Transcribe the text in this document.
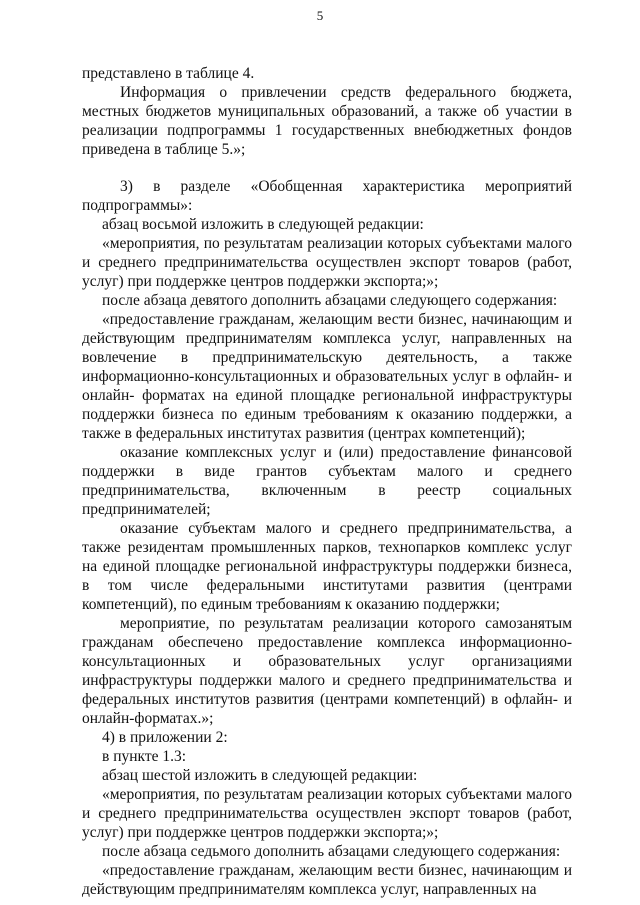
5

представлено в таблице 4.

Информация о привлечении средств федерального бюджета, местных бюджетов муниципальных образований, а также об участии в реализации подпрограммы 1 государственных внебюджетных фондов приведена в таблице 5.»;

3) в разделе «Обобщенная характеристика мероприятий подпрограммы»:

абзац восьмой изложить в следующей редакции:

«мероприятия, по результатам реализации которых субъектами малого и среднего предпринимательства осуществлен экспорт товаров (работ, услуг) при поддержке центров поддержки экспорта;»;

после абзаца девятого дополнить абзацами следующего содержания:

«предоставление гражданам, желающим вести бизнес, начинающим и действующим предпринимателям комплекса услуг, направленных на вовлечение в предпринимательскую деятельность, а также информационно-консультационных и образовательных услуг в офлайн- и онлайн- форматах на единой площадке региональной инфраструктуры поддержки бизнеса по единым требованиям к оказанию поддержки, а также в федеральных институтах развития (центрах компетенций);

оказание комплексных услуг и (или) предоставление финансовой поддержки в виде грантов субъектам малого и среднего предпринимательства, включенным в реестр социальных предпринимателей;

оказание субъектам малого и среднего предпринимательства, а также резидентам промышленных парков, технопарков комплекс услуг на единой площадке региональной инфраструктуры поддержки бизнеса, в том числе федеральными институтами развития (центрами компетенций), по единым требованиям к оказанию поддержки;

мероприятие, по результатам реализации которого самозанятым гражданам обеспечено предоставление комплекса информационно-консультационных и образовательных услуг организациями инфраструктуры поддержки малого и среднего предпринимательства и федеральных институтов развития (центрами компетенций) в офлайн- и онлайн-форматах.»;

4) в приложении 2:

в пункте 1.3:

абзац шестой изложить в следующей редакции:

«мероприятия, по результатам реализации которых субъектами малого и среднего предпринимательства осуществлен экспорт товаров (работ, услуг) при поддержке центров поддержки экспорта;»;

после абзаца седьмого дополнить абзацами следующего содержания:

«предоставление гражданам, желающим вести бизнес, начинающим и действующим предпринимателям комплекса услуг, направленных на
